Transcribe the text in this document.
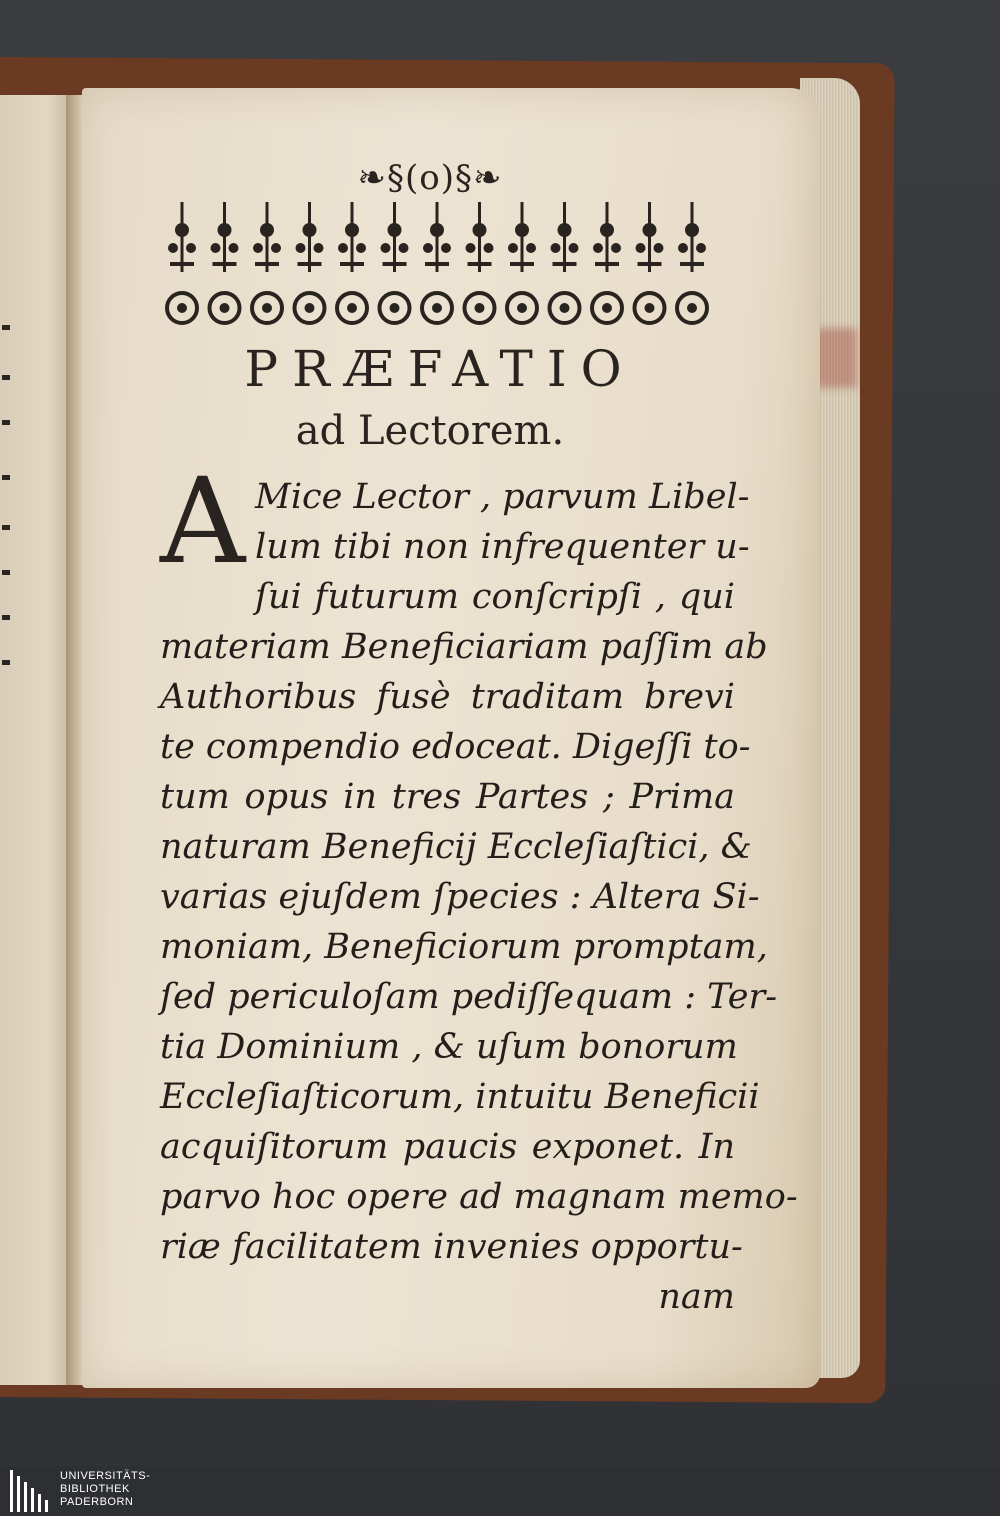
❧§(o)§❧
PRÆFATIO
ad Lectorem.
A Mice Lector , parvum Libel-
lum tibi non infrequenter u-
ſui futurum conſcripſi , qui
materiam Beneficiariam paſſim ab
Authoribus fusè traditam brevi
te compendio edoceat. Digeſſi to-
tum opus in tres Partes ; Prima
naturam Beneficij Eccleſiaſtici, &
varias ejuſdem ſpecies : Altera Si-
moniam, Beneficiorum promptam,
ſed periculoſam pediſſequam : Ter-
tia Dominium , & uſum bonorum
Eccleſiaſticorum, intuitu Beneficii
acquiſitorum paucis exponet. In
parvo hoc opere ad magnam memo-
riæ facilitatem invenies opportu-
nam
UNIVERSITÄTS-
BIBLIOTHEK
PADERBORN
